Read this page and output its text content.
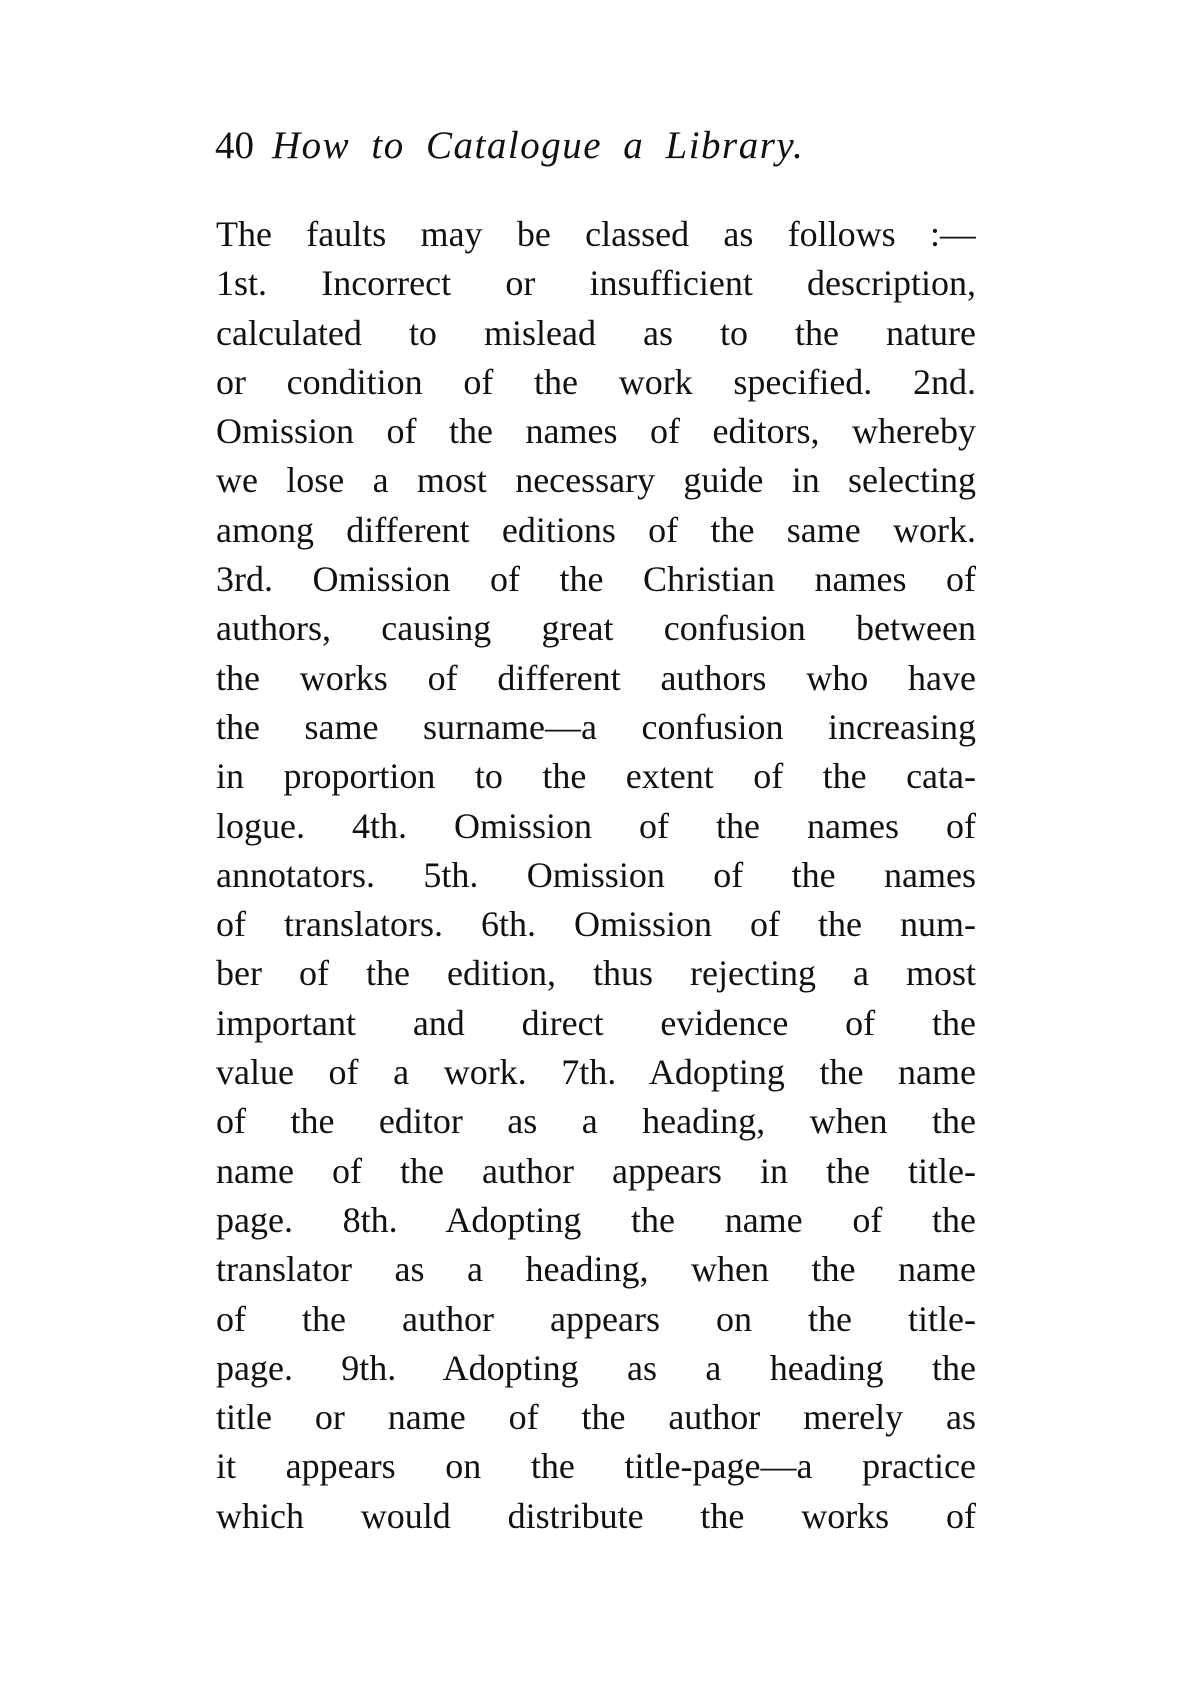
40 How to Catalogue a Library.
The faults may be classed as follows :—
1st. Incorrect or insufficient description,
calculated to mislead as to the nature
or condition of the work specified. 2nd.
Omission of the names of editors, whereby
we lose a most necessary guide in selecting
among different editions of the same work.
3rd. Omission of the Christian names of
authors, causing great confusion between
the works of different authors who have
the same surname—a confusion increasing
in proportion to the extent of the cata-
logue. 4th. Omission of the names of
annotators. 5th. Omission of the names
of translators. 6th. Omission of the num-
ber of the edition, thus rejecting a most
important and direct evidence of the
value of a work. 7th. Adopting the name
of the editor as a heading, when the
name of the author appears in the title-
page. 8th. Adopting the name of the
translator as a heading, when the name
of the author appears on the title-
page. 9th. Adopting as a heading the
title or name of the author merely as
it appears on the title-page—a practice
which would distribute the works of
